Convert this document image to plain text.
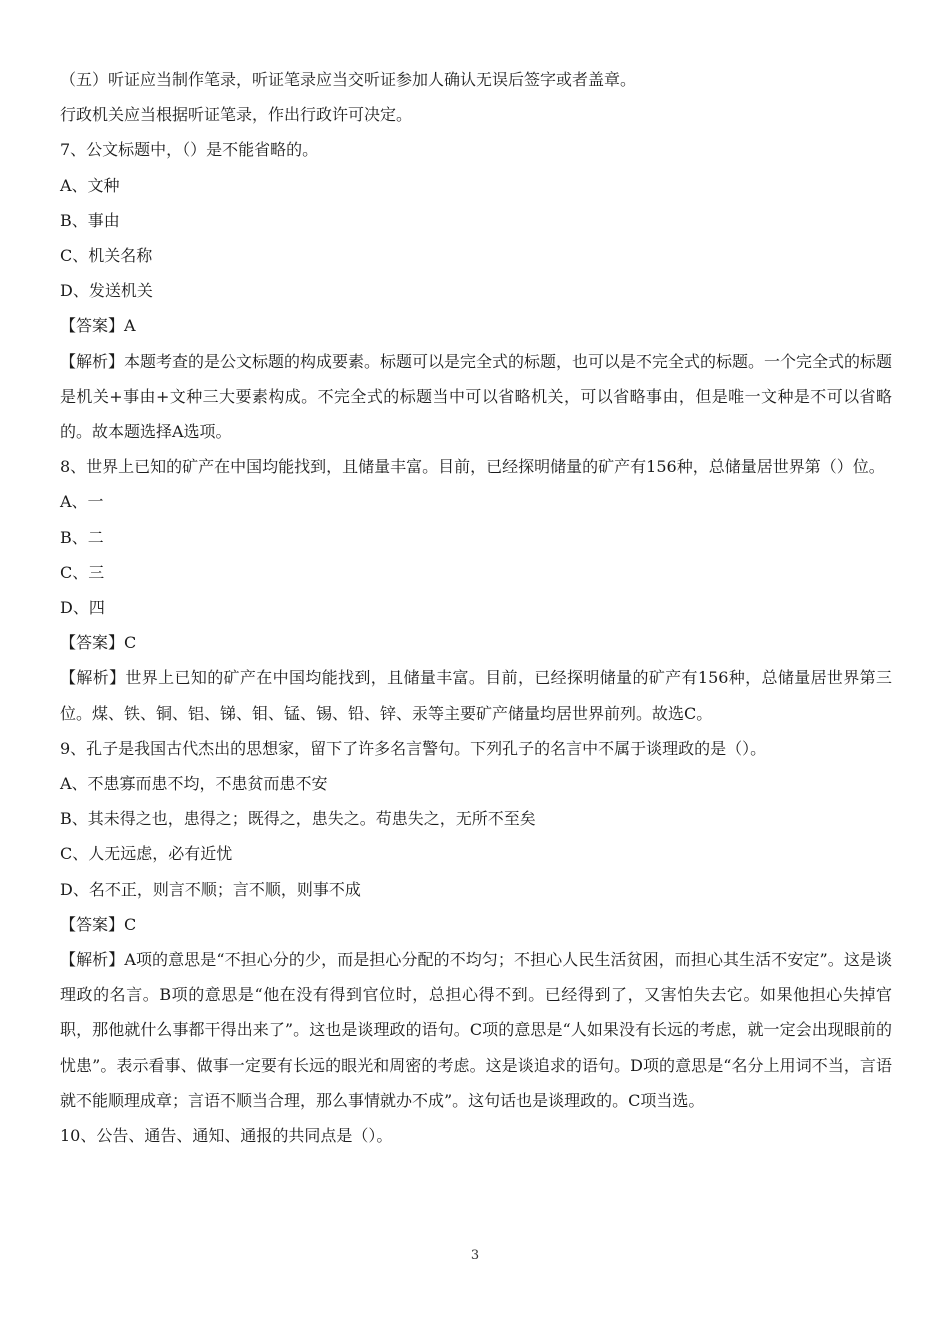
（五）听证应当制作笔录，听证笔录应当交听证参加人确认无误后签字或者盖章。

行政机关应当根据听证笔录，作出行政许可决定。

7、公文标题中，（）是不能省略的。

A、文种

B、事由

C、机关名称

D、发送机关

【答案】A

【解析】本题考查的是公文标题的构成要素。标题可以是完全式的标题，也可以是不完全式的标题。一个完全式的标题是机关+事由+文种三大要素构成。不完全式的标题当中可以省略机关，可以省略事由，但是唯一文种是不可以省略的。故本题选择A选项。

8、世界上已知的矿产在中国均能找到，且储量丰富。目前，已经探明储量的矿产有156种，总储量居世界第（）位。

A、一

B、二

C、三

D、四

【答案】C

【解析】世界上已知的矿产在中国均能找到，且储量丰富。目前，已经探明储量的矿产有156种，总储量居世界第三位。煤、铁、铜、铝、锑、钼、锰、锡、铅、锌、汞等主要矿产储量均居世界前列。故选C。

9、孔子是我国古代杰出的思想家，留下了许多名言警句。下列孔子的名言中不属于谈理政的是（）。

A、不患寡而患不均，不患贫而患不安

B、其未得之也，患得之；既得之，患失之。苟患失之，无所不至矣

C、人无远虑，必有近忧

D、名不正，则言不顺；言不顺，则事不成

【答案】C

【解析】A项的意思是“不担心分的少，而是担心分配的不均匀；不担心人民生活贫困，而担心其生活不安定”。这是谈理政的名言。B项的意思是“他在没有得到官位时，总担心得不到。已经得到了，又害怕失去它。如果他担心失掉官职，那他就什么事都干得出来了”。这也是谈理政的语句。C项的意思是“人如果没有长远的考虑，就一定会出现眼前的忧患”。表示看事、做事一定要有长远的眼光和周密的考虑。这是谈追求的语句。D项的意思是“名分上用词不当，言语就不能顺理成章；言语不顺当合理，那么事情就办不成”。这句话也是谈理政的。C项当选。

10、公告、通告、通知、通报的共同点是（）。

3
